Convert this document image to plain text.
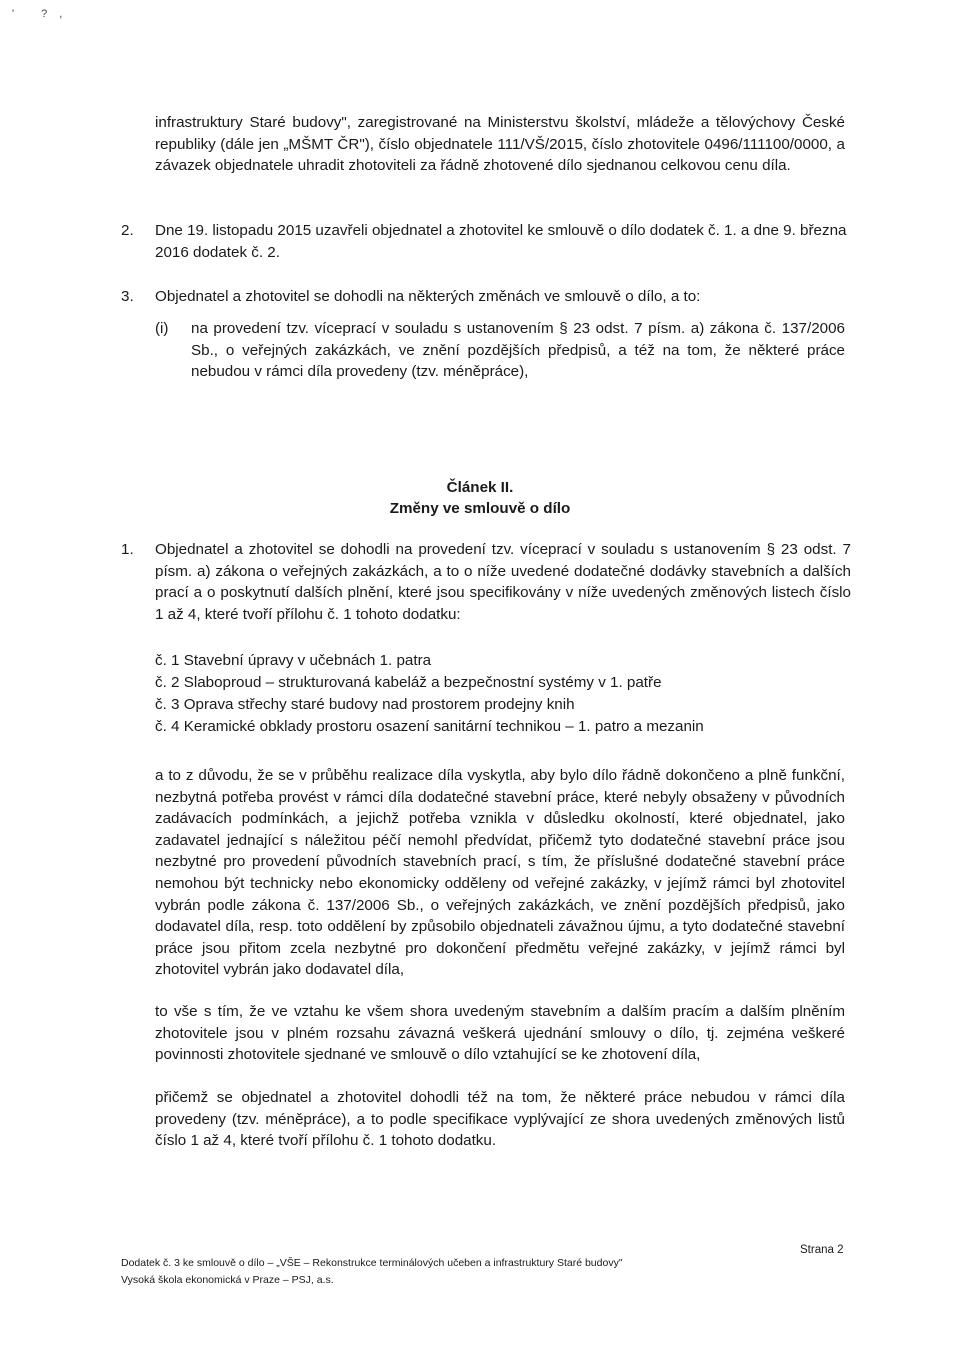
' ?,
infrastruktury Staré budovy", zaregistrované na Ministerstvu školství, mládeže a tělovýchovy České republiky (dále jen „MŠMT ČR"), číslo objednatele 111/VŠ/2015, číslo zhotovitele 0496/111100/0000, a závazek objednatele uhradit zhotoviteli za řádně zhotovené dílo sjednanou celkovou cenu díla.
2. Dne 19. listopadu 2015 uzavřeli objednatel a zhotovitel ke smlouvě o dílo dodatek č. 1. a dne 9. března 2016 dodatek č. 2.
3. Objednatel a zhotovitel se dohodli na některých změnách ve smlouvě o dílo, a to:
(i)	na provedení tzv. víceprací v souladu s ustanovením § 23 odst. 7 písm. a) zákona č. 137/2006 Sb., o veřejných zakázkách, ve znění pozdějších předpisů, a též na tom, že některé práce nebudou v rámci díla provedeny (tzv. méněpráce),
Článek II.
Změny ve smlouvě o dílo
1. Objednatel a zhotovitel se dohodli na provedení tzv. víceprací v souladu s ustanovením § 23 odst. 7 písm. a) zákona o veřejných zakázkách, a to o níže uvedené dodatečné dodávky stavebních a dalších prací a o poskytnutí dalších plnění, které jsou specifikovány v níže uvedených změnových listech číslo 1 až 4, které tvoří přílohu č. 1 tohoto dodatku:
č. 1 Stavební úpravy v učebnách 1. patra
č. 2 Slaboproud – strukturovaná kabeláž a bezpečnostní systémy v 1. patře
č. 3 Oprava střechy staré budovy nad prostorem prodejny knih
č. 4 Keramické obklady prostoru osazení sanitární technikou – 1. patro a mezanin
a to z důvodu, že se v průběhu realizace díla vyskytla, aby bylo dílo řádně dokončeno a plně funkční, nezbytná potřeba provést v rámci díla dodatečné stavební práce, které nebyly obsaženy v původních zadávacích podmínkách, a jejichž potřeba vznikla v důsledku okolností, které objednatel, jako zadavatel jednající s náležitou péčí nemohl předvídat, přičemž tyto dodatečné stavební práce jsou nezbytné pro provedení původních stavebních prací, s tím, že příslušné dodatečné stavební práce nemohou být technicky nebo ekonomicky odděleny od veřejné zakázky, v jejímž rámci byl zhotovitel vybrán podle zákona č. 137/2006 Sb., o veřejných zakázkách, ve znění pozdějších předpisů, jako dodavatel díla, resp. toto oddělení by způsobilo objednateli závažnou újmu, a tyto dodatečné stavební práce jsou přitom zcela nezbytné pro dokončení předmětu veřejné zakázky, v jejímž rámci byl zhotovitel vybrán jako dodavatel díla,
to vše s tím, že ve vztahu ke všem shora uvedeným stavebním a dalším pracím a dalším plněním zhotovitele jsou v plném rozsahu závazná veškerá ujednání smlouvy o dílo, tj. zejména veškeré povinnosti zhotovitele sjednané ve smlouvě o dílo vztahující se ke zhotovení díla,
přičemž se objednatel a zhotovitel dohodli též na tom, že některé práce nebudou v rámci díla provedeny (tzv. méněpráce), a to podle specifikace vyplývající ze shora uvedených změnových listů číslo 1 až 4, které tvoří přílohu č. 1 tohoto dodatku.
Dodatek č. 3 ke smlouvě o dílo – „VŠE – Rekonstrukce terminálových učeben a infrastruktury Staré budovy"
Vysoká škola ekonomická v Praze – PSJ, a.s.
Strana 2
